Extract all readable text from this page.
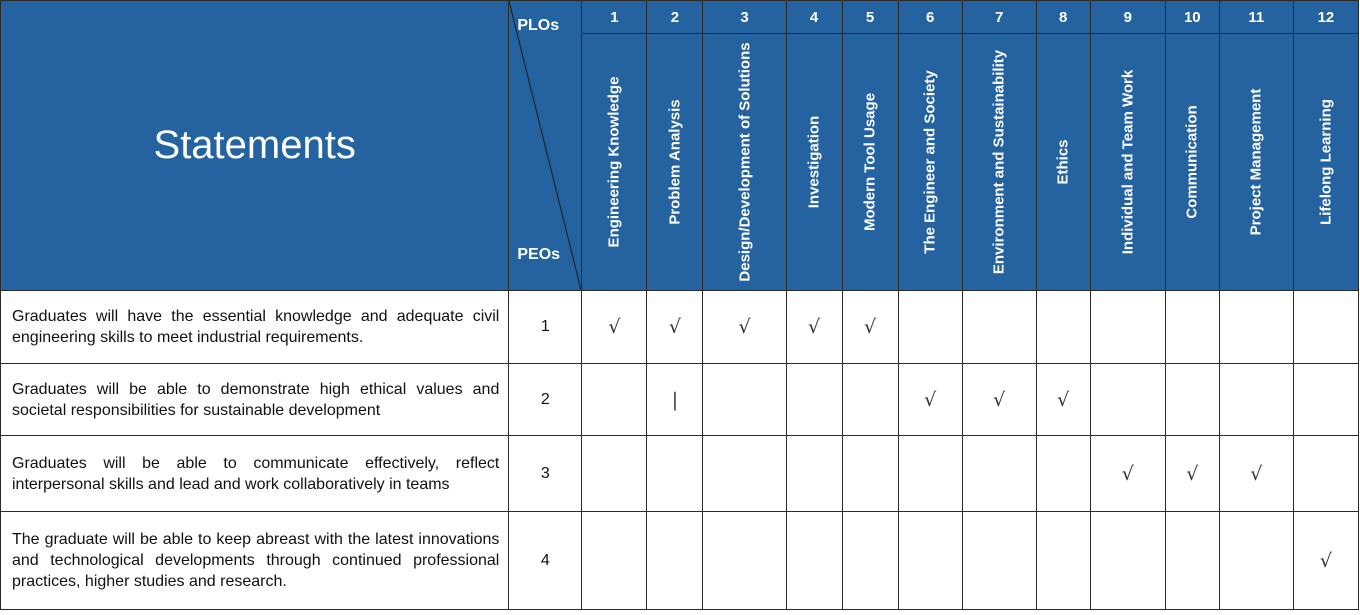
Statements	PLOs
PEOs	1	2	3	4	5	6	7	8	9	10	11	12

		Engineering Knowledge	Problem Analysis	Design/Development of Solutions	Investigation	Modern Tool Usage	The Engineer and Society	Environment and Sustainability	Ethics	Individual and Team Work	Communication	Project Management	Lifelong Learning

Graduates will have the essential knowledge and adequate civil engineering skills to meet industrial requirements.	1	√	√	√	√	√							
Graduates will be able to demonstrate high ethical values and societal responsibilities for sustainable development	2		|				√	√	√				
Graduates will be able to communicate effectively, reflect interpersonal skills and lead and work collaboratively in teams	3									√	√	√	
The graduate will be able to keep abreast with the latest innovations and technological developments through continued professional practices, higher studies and research.	4												√
